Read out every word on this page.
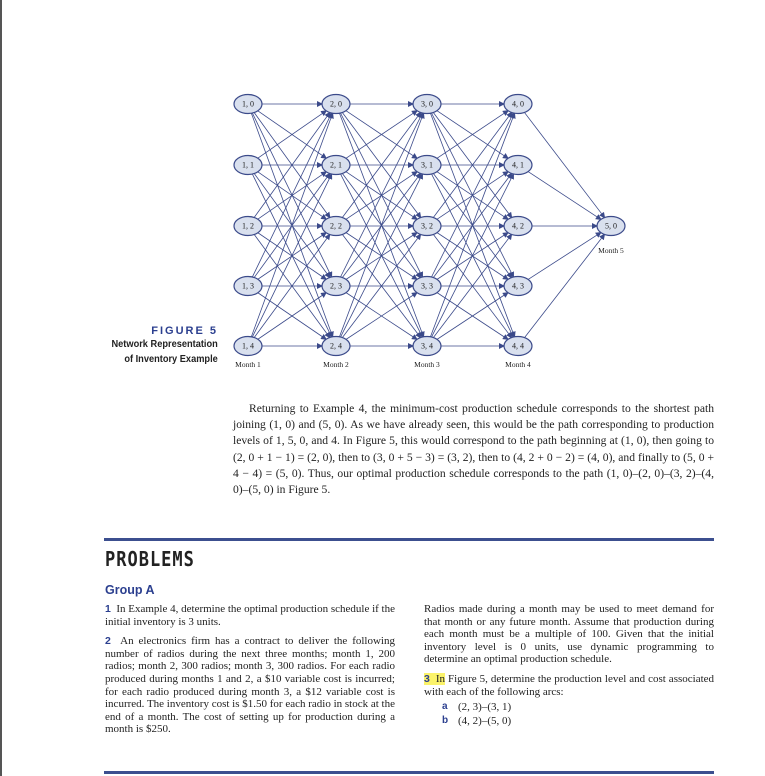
1, 0
1, 1
1, 2
1, 3
1, 4
2, 0
2, 1
2, 2
2, 3
2, 4
3, 0
3, 1
3, 2
3, 3
3, 4
4, 0
4, 1
4, 2
4, 3
4, 4
5, 0
Month 1	Month 2	Month 3	Month 4
Month 5
FIGURE 5
Network Representation
of Inventory Example
Returning to Example 4, the minimum-cost production schedule corresponds to the shortest path joining (1, 0) and (5, 0). As we have already seen, this would be the path corresponding to production levels of 1, 5, 0, and 4. In Figure 5, this would correspond to the path beginning at (1, 0), then going to (2, 0 + 1 − 1) = (2, 0), then to (3, 0 + 5 − 3) = (3, 2), then to (4, 2 + 0 − 2) = (4, 0), and finally to (5, 0 + 4 − 4) = (5, 0). Thus, our optimal production schedule corresponds to the path (1, 0)–(2, 0)–(3, 2)–(4, 0)–(5, 0) in Figure 5.
PROBLEMS
Group A

1 In Example 4, determine the optimal production schedule if the initial inventory is 3 units.

2 An electronics firm has a contract to deliver the following number of radios during the next three months; month 1, 200 radios; month 2, 300 radios; month 3, 300 radios. For each radio produced during months 1 and 2, a $10 variable cost is incurred; for each radio produced during month 3, a $12 variable cost is incurred. The inventory cost is $1.50 for each radio in stock at the end of a month. The cost of setting up for production during a month is $250.

Radios made during a month may be used to meet demand for that month or any future month. Assume that production during each month must be a multiple of 100. Given that the initial inventory level is 0 units, use dynamic programming to determine an optimal production schedule.

3 In Figure 5, determine the production level and cost associated with each of the following arcs:

a (2, 3)–(3, 1)
b (4, 2)–(5, 0)
